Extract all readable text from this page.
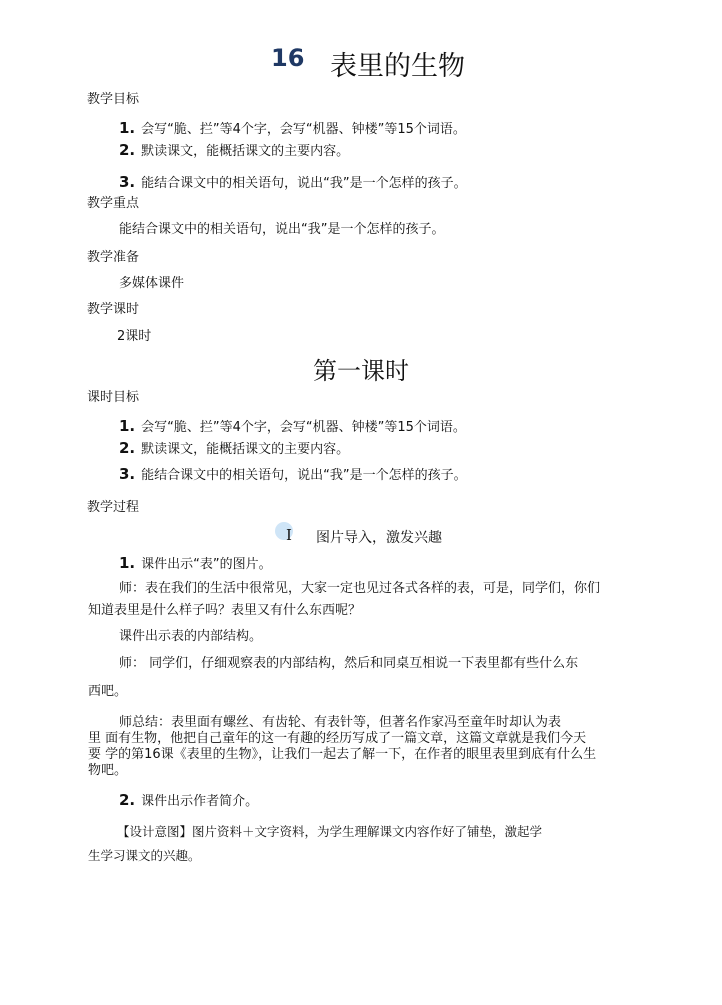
16 表里的生物
教学目标
1. 会写“脆、拦”等4个字，会写“机器、钟楼”等15个词语。
2. 默读课文，能概括课文的主要内容。
3. 能结合课文中的相关语句，说出“我”是一个怎样的孩子。
教学重点
能结合课文中的相关语句，说出“我”是一个怎样的孩子。
教学准备
多媒体课件
教学课时
2课时
第一课时
课时目标
1. 会写“脆、拦”等4个字，会写“机器、钟楼”等15个词语。
2. 默读课文，能概括课文的主要内容。
3. 能结合课文中的相关语句，说出“我”是一个怎样的孩子。
教学过程
I 图片导入，激发兴趣
1. 课件出示“表”的图片。
师：表在我们的生活中很常见，大家一定也见过各式各样的表，可是，同学们，你们
知道表里是什么样子吗？表里又有什么东西呢？
课件出示表的内部结构。
师： 同学们，仔细观察表的内部结构，然后和同桌互相说一下表里都有些什么东
西吧。
师总结：表里面有螺丝、有齿轮、有表针等，但著名作家冯至童年时却认为表
里 面有生物，他把自己童年的这一有趣的经历写成了一篇文章，这篇文章就是我们今天
要 学的第16课《表里的生物》，让我们一起去了解一下，在作者的眼里表里到底有什么生
物吧。
2. 课件出示作者简介。
【设计意图】图片资料＋文字资料，为学生理解课文内容作好了铺垫，激起学
生学习课文的兴趣。
